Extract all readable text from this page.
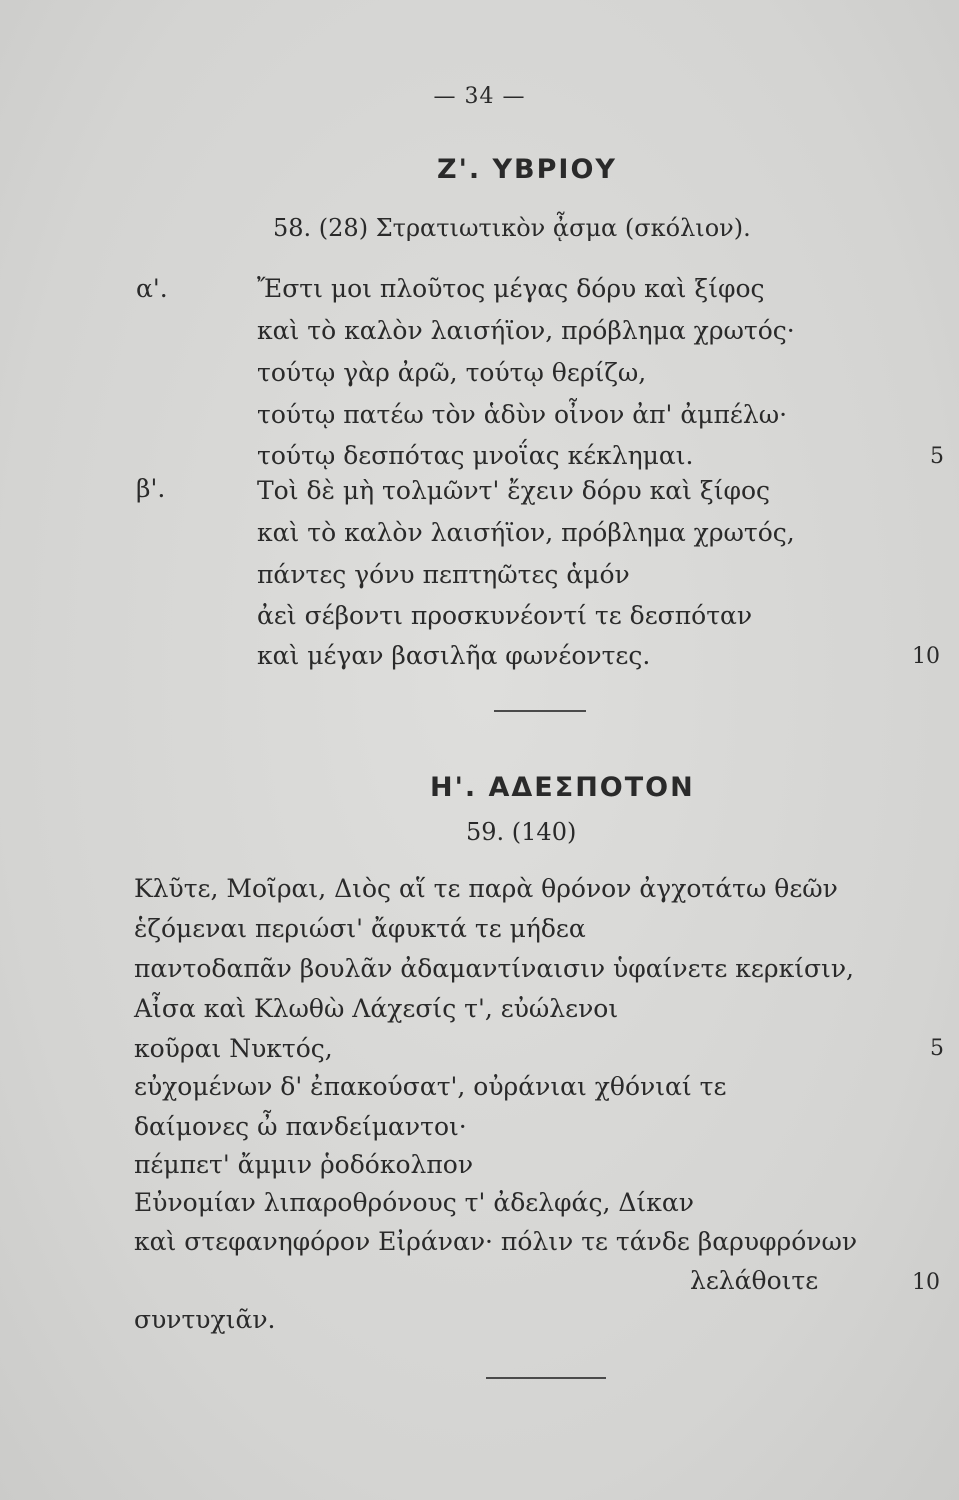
— 34 —
Ζ'. ΥΒΡΙΟΥ
58. (28) Στρατιωτικὸν ᾆσμα (σκόλιον).
α'.	Ἔστι μοι πλοῦτος μέγας δόρυ καὶ ξίφος
καὶ τὸ καλὸν λαισήϊον, πρόβλημα χρωτός·
τούτῳ γὰρ ἀρῶ, τούτῳ θερίζω,
τούτῳ πατέω τὸν ἁδὺν οἶνον ἀπ' ἀμπέλω·
τούτῳ δεσπότας μνοΐας κέκλημαι.	5
β'.	Τοὶ δὲ μὴ τολμῶντ' ἔχειν δόρυ καὶ ξίφος
καὶ τὸ καλὸν λαισήϊον, πρόβλημα χρωτός,
πάντες γόνυ πεπτηῶτες ἁμόν
ἀεὶ σέβοντι προσκυνέοντί τε δεσπόταν
καὶ μέγαν βασιλῆα φωνέοντες.	10
Η'. ΑΔΕΣΠΟΤΟΝ
59. (140)
Κλῦτε, Μοῖραι, Διὸς αἵ τε παρὰ θρόνον ἀγχοτάτω θεῶν
ἑζόμεναι περιώσι' ἄφυκτά τε μήδεα
παντοδαπᾶν βουλᾶν ἀδαμαντίναισιν ὑφαίνετε κερκίσιν,
Αἶσα καὶ Κλωθὼ Λάχεσίς τ', εὐώλενοι
κοῦραι Νυκτός,	5
εὐχομένων δ' ἐπακούσατ', οὐράνιαι χθόνιαί τε
δαίμονες ὦ πανδείμαντοι·
πέμπετ' ἄμμιν ῥοδόκολπον
Εὐνομίαν λιπαροθρόνους τ' ἀδελφάς, Δίκαν
καὶ στεφανηφόρον Εἰράναν· πόλιν τε τάνδε βαρυφρόνων
λελάθοιτε	10
συντυχιᾶν.
